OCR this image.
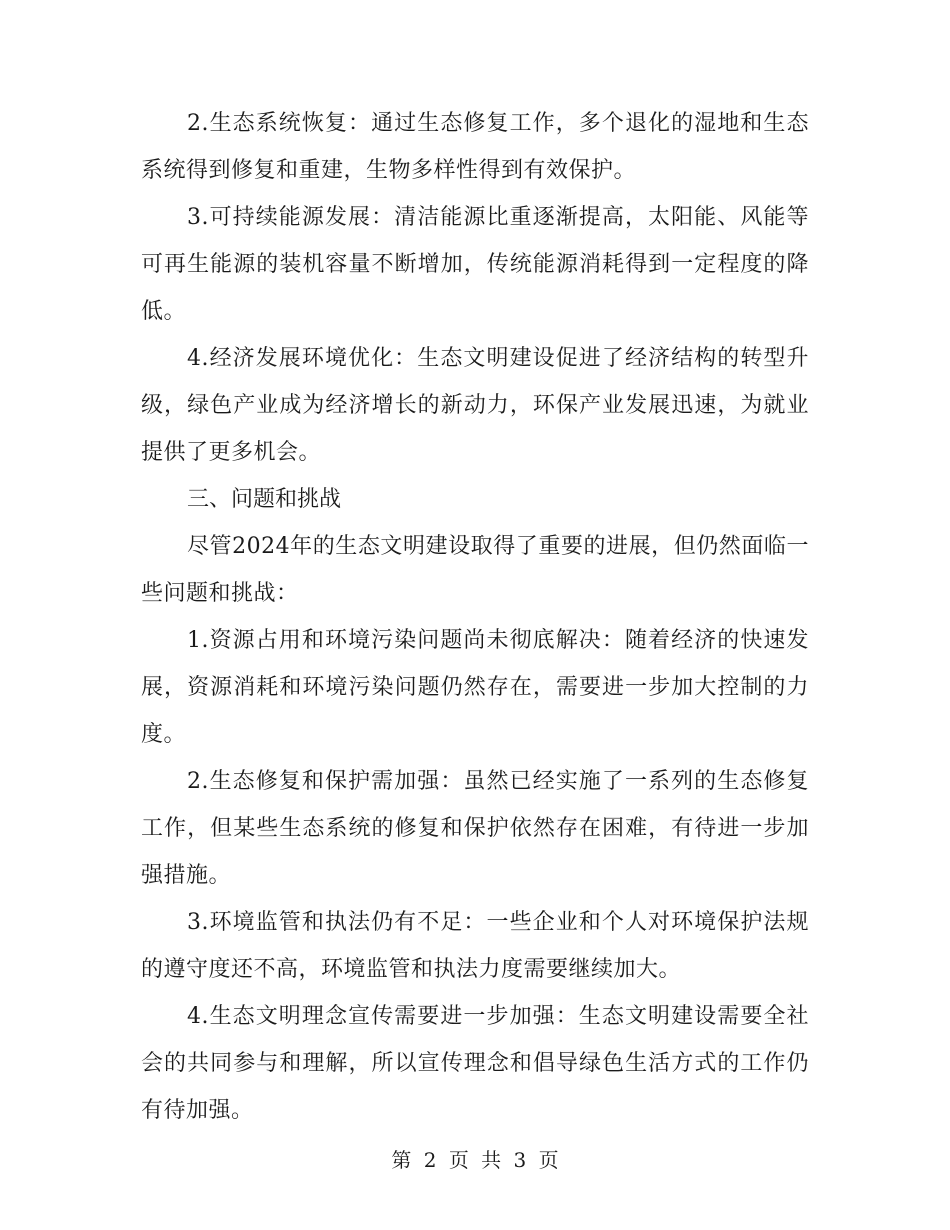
2.生态系统恢复：通过生态修复工作，多个退化的湿地和生态系统得到修复和重建，生物多样性得到有效保护。

3.可持续能源发展：清洁能源比重逐渐提高，太阳能、风能等可再生能源的装机容量不断增加，传统能源消耗得到一定程度的降低。

4.经济发展环境优化：生态文明建设促进了经济结构的转型升级，绿色产业成为经济增长的新动力，环保产业发展迅速，为就业提供了更多机会。

三、问题和挑战

尽管2024年的生态文明建设取得了重要的进展，但仍然面临一些问题和挑战：

1.资源占用和环境污染问题尚未彻底解决：随着经济的快速发展，资源消耗和环境污染问题仍然存在，需要进一步加大控制的力度。

2.生态修复和保护需加强：虽然已经实施了一系列的生态修复工作，但某些生态系统的修复和保护依然存在困难，有待进一步加强措施。

3.环境监管和执法仍有不足：一些企业和个人对环境保护法规的遵守度还不高，环境监管和执法力度需要继续加大。

4.生态文明理念宣传需要进一步加强：生态文明建设需要全社会的共同参与和理解，所以宣传理念和倡导绿色生活方式的工作仍有待加强。

第 2 页 共 3 页
